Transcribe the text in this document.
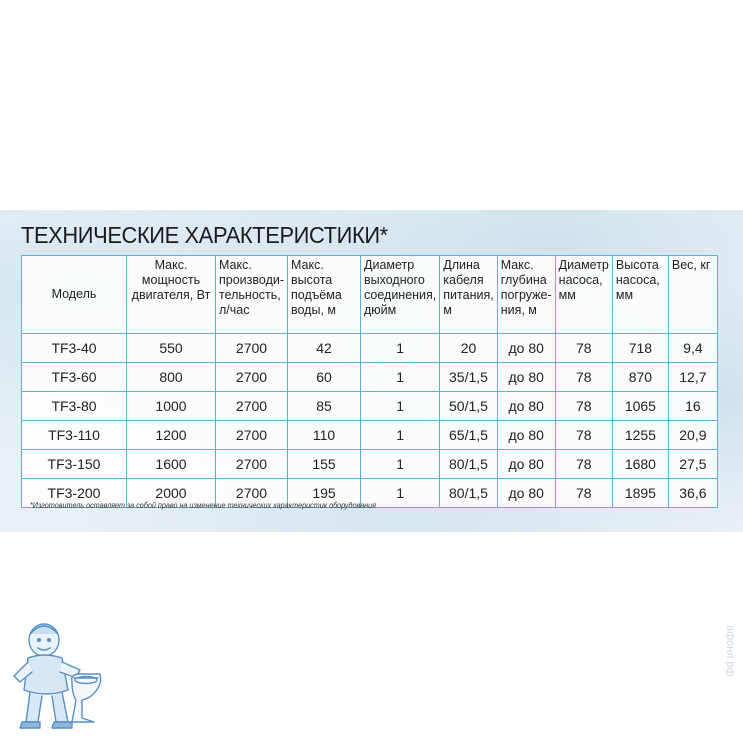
ТЕХНИЧЕСКИЕ ХАРАКТЕРИСТИКИ*
Модель	Макс. мощность двигателя, Вт	Макс. производи-тельность, л/час	Макс. высота подъёма воды, м	Диаметр выходного соединения, дюйм	Длина кабеля питания, м	Макс. глубина погруже-ния, м	Диаметр насоса, мм	Высота насоса, мм	Вес, кг
TF3-40	550	2700	42	1	20	до 80	78	718	9,4
TF3-60	800	2700	60	1	35/1,5	до 80	78	870	12,7
TF3-80	1000	2700	85	1	50/1,5	до 80	78	1065	16
TF3-110	1200	2700	110	1	65/1,5	до 80	78	1255	20,9
TF3-150	1600	2700	155	1	80/1,5	до 80	78	1680	27,5
TF3-200	2000	2700	195	1	80/1,5	до 80	78	1895	36,6
*Изготовитель оставляет за собой право на изменение технических характеристик оборудования
афоня.рф
